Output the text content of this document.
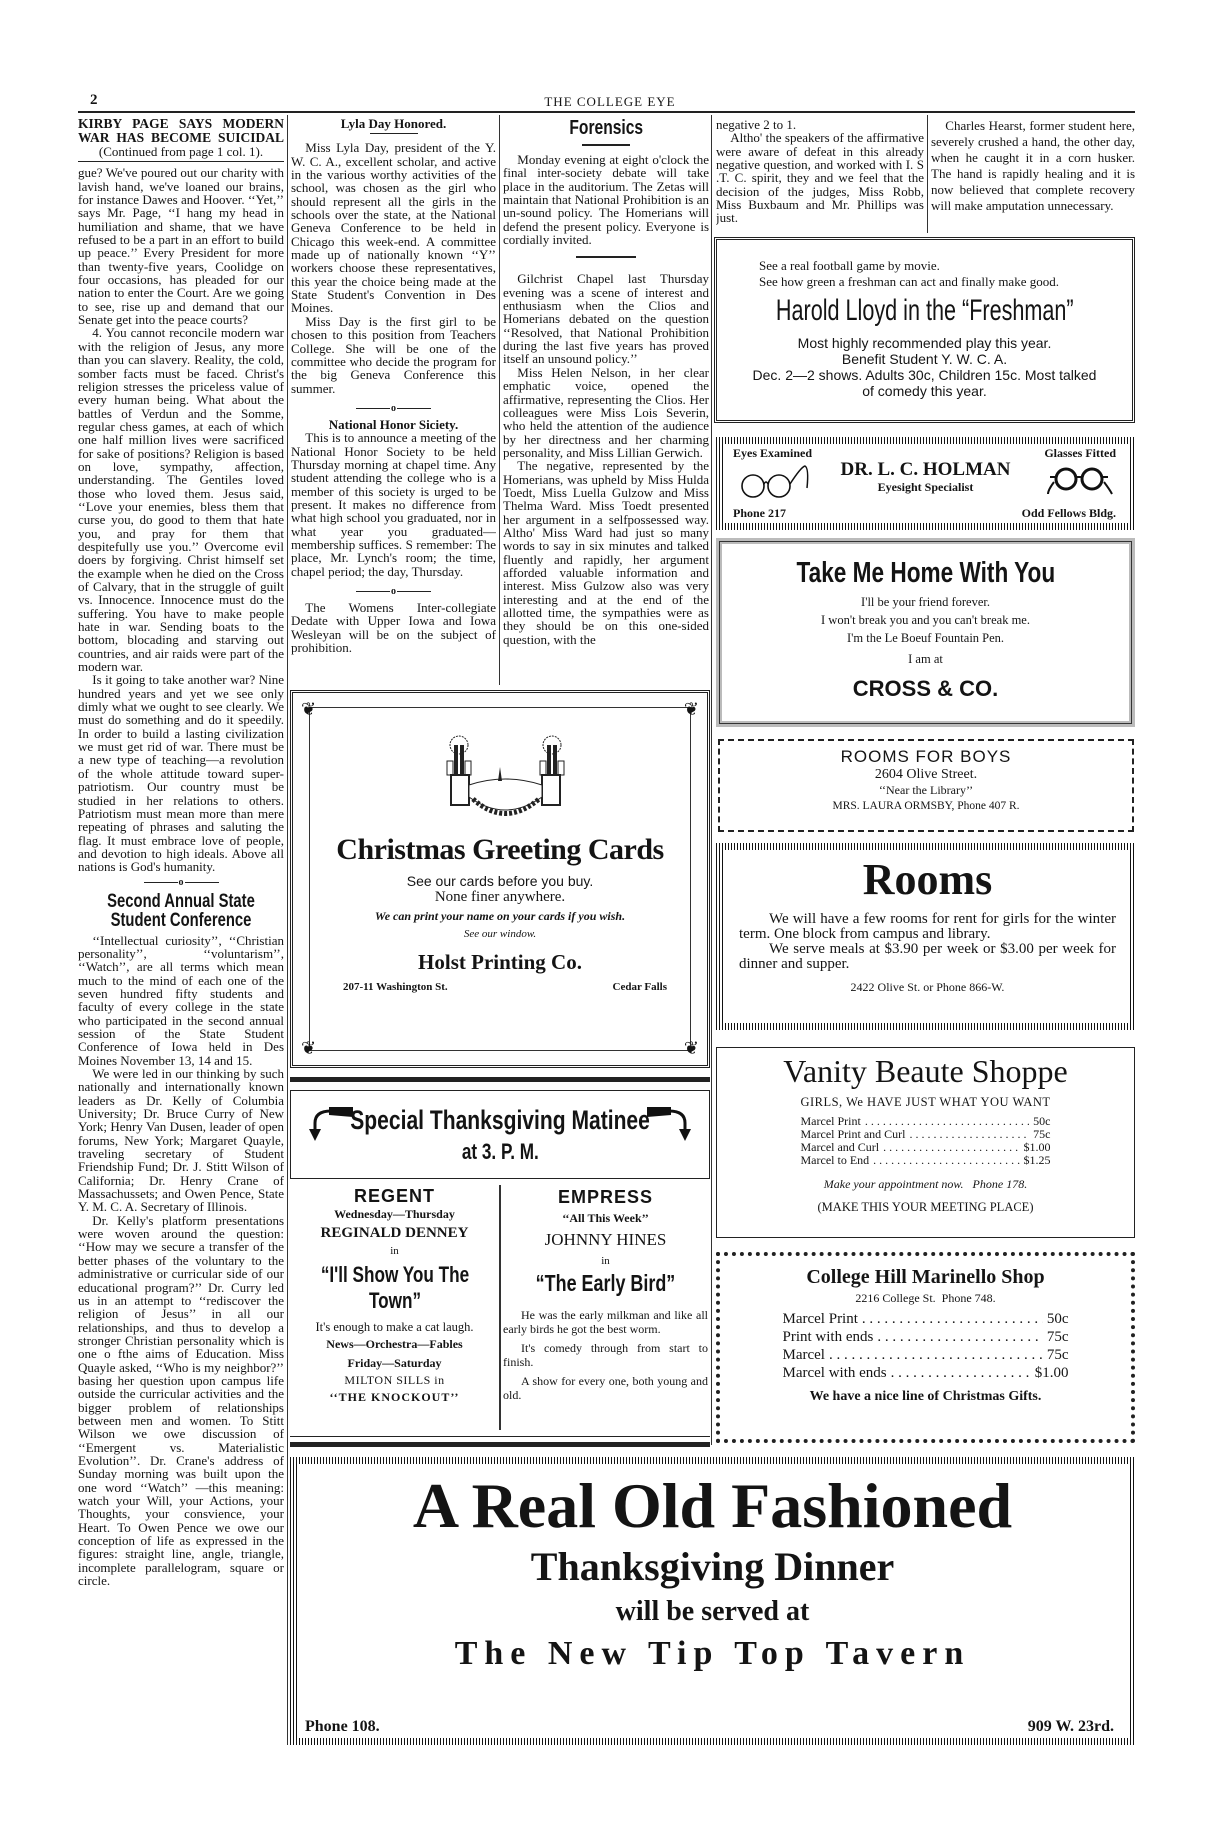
2	THE COLLEGE EYE
KIRBY PAGE SAYS MODERN WAR HAS BECOME SUICIDAL
(Continued from page 1 col. 1).

gue? We've poured out our charity with lavish hand, we've loaned our brains, for instance Dawes and Hoover. ‘‘Yet,’’ says Mr. Page, ‘‘I hang my head in humiliation and shame, that we have refused to be a part in an effort to build up peace.’’ Every President for more than twenty-five years, Coolidge on four occasions, has pleaded for our nation to enter the Court. Are we going to see, rise up and demand that our Senate get into the peace courts?

4. You cannot reconcile modern war with the religion of Jesus, any more than you can slavery. Reality, the cold, somber facts must be faced. Christ's religion stresses the priceless value of every human being. What about the battles of Verdun and the Somme, regular chess games, at each of which one half million lives were sacrificed for sake of positions? Religion is based on love, sympathy, affection, understanding. The Gentiles loved those who loved them. Jesus said, ‘‘Love your enemies, bless them that curse you, do good to them that hate you, and pray for them that despitefully use you.’’ Overcome evil doers by forgiving. Christ himself set the example when he died on the Cross of Calvary, that in the struggle of guilt vs. Innocence. Innocence must do the suffering. You have to make people hate in war. Sending boats to the bottom, blocading and starving out countries, and air raids were part of the modern war.

Is it going to take another war? Nine hundred years and yet we see only dimly what we ought to see clearly. We must do something and do it speedily. In order to build a lasting civilization we must get rid of war. There must be a new type of teaching—a revolution of the whole attitude toward super-patriotism. Our country must be studied in her relations to others. Patriotism must mean more than mere repeating of phrases and saluting the flag. It must embrace love of people, and devotion to high ideals. Above all nations is God's humanity.

o
Second Annual State Student Conference

‘‘Intellectual curiosity’’, ‘‘Christian personality’’, ‘‘voluntarism’’, ‘‘Watch’’, are all terms which mean much to the mind of each one of the seven hundred fifty students and faculty of every college in the state who participated in the second annual session of the State Student Conference of Iowa held in Des Moines November 13, 14 and 15.

We were led in our thinking by such nationally and internationally known leaders as Dr. Kelly of Columbia University; Dr. Bruce Curry of New York; Henry Van Dusen, leader of open forums, New York; Margaret Quayle, traveling secretary of Student Friendship Fund; Dr. J. Stitt Wilson of California; Dr. Henry Crane of Massachussets; and Owen Pence, State Y. M. C. A. Secretary of Illinois.

Dr. Kelly's platform presentations were woven around the question: ‘‘How may we secure a transfer of the better phases of the voluntary to the administrative or curricular side of our educational program?’’ Dr. Curry led us in an attempt to ‘‘rediscover the religion of Jesus’’ in all our relationships, and thus to develop a stronger Christian personality which is one o fthe aims of Education. Miss Quayle asked, ‘‘Who is my neighbor?’’ basing her question upon campus life outside the curricular activities and the bigger problem of relationships between men and women. To Stitt Wilson we owe discussion of ‘‘Emergent vs. Materialistic Evolution’’. Dr. Crane's address of Sunday morning was built upon the one word ‘‘Watch’’ —this meaning: watch your Will, your Actions, your Thoughts, your consvience, your Heart. To Owen Pence we owe our conception of life as expressed in the figures: straight line, angle, triangle, incomplete parallelogram, square or circle.

Lyla Day Honored.

Miss Lyla Day, president of the Y. W. C. A., excellent scholar, and active in the various worthy activities of the school, was chosen as the girl who should represent all the girls in the schools over the state, at the National Geneva Conference to be held in Chicago this week-end. A committee made up of nationally known ‘‘Y’’ workers choose these representatives, this year the choice being made at the State Student's Convention in Des Moines.

Miss Day is the first girl to be chosen to this position from Teachers College. She will be one of the committee who decide the program for the big Geneva Conference this summer.

o
National Honor Siciety.

This is to announce a meeting of the National Honor Society to be held Thursday morning at chapel time. Any student attending the college who is a member of this society is urged to be present. It makes no difference from what high school you graduated, nor in what year you graduated—membership suffices. S remember: The place, Mr. Lynch's room; the time, chapel period; the day, Thursday.

o

The Womens Inter-collegiate Dedate with Upper Iowa and Iowa Wesleyan will be on the subject of prohibition.

Forensics

Monday evening at eight o'clock the final inter-society debate will take place in the auditorium. The Zetas will maintain that National Prohibition is an un-sound policy. The Homerians will defend the present policy. Everyone is cordially invited.

Gilchrist Chapel last Thursday evening was a scene of interest and enthusiasm when the Clios and Homerians debated on the question ‘‘Resolved, that National Prohibition during the last five years has proved itself an unsound policy.’’

Miss Helen Nelson, in her clear emphatic voice, opened the affirmative, representing the Clios. Her colleagues were Miss Lois Severin, who held the attention of the audience by her directness and her charming personality, and Miss Lillian Gerwich.

The negative, represented by the Homerians, was upheld by Miss Hulda Toedt, Miss Luella Gulzow and Miss Thelma Ward. Miss Toedt presented her argument in a selfpossessed way. Altho' Miss Ward had just so many words to say in six minutes and talked fluently and rapidly, her argument afforded valuable information and interest. Miss Gulzow also was very interesting and at the end of the allotted time, the sympathies were as they should be on this one-sided question, with the

negative 2 to 1.

Altho' the speakers of the affirmative were aware of defeat in this already negative question, and worked with I. S .T. C. spirit, they and we feel that the decision of the judges, Miss Robb, Miss Buxbaum and Mr. Phillips was just.

Charles Hearst, former student here, severely crushed a hand, the other day, when he caught it in a corn husker. The hand is rapidly healing and it is now believed that complete recovery will make amputation unnecessary.

See a real football game by movie.
See how green a freshman can act and finally make good.
Harold Lloyd in the “Freshman”
Most highly recommended play this year.
Benefit Student Y. W. C. A.
Dec. 2—2 shows. Adults 30c, Children 15c. Most talked of comedy this year.
Eyes Examined	Glasses Fitted
DR. L. C. HOLMAN
Eyesight Specialist
Phone 217	Odd Fellows Bldg.
Take Me Home With You
I'll be your friend forever.
I won't break you and you can't break me.
I'm the Le Boeuf Fountain Pen.
I am at
CROSS & CO.
ROOMS FOR BOYS
2604 Olive Street.
‘‘Near the Library’’
MRS. LAURA ORMSBY, Phone 407 R.
Rooms
We will have a few rooms for rent for girls for the winter term. One block from campus and library.
We serve meals at $3.90 per week or $3.00 per week for dinner and supper.
2422 Olive St. or Phone 866-W.
Vanity Beaute Shoppe
GIRLS, We HAVE JUST WHAT YOU WANT
Marcel Print . . .	50c
Marcel Print and Curl . . .	75c
Marcel and Curl . . .	$1.00
Marcel to End . . .	$1.25
Make your appointment now. Phone 178.
(MAKE THIS YOUR MEETING PLACE)
College Hill Marinello Shop
2216 College St.  Phone 748.
Marcel Print . . .	50c
Print with ends . . .	75c
Marcel . . .	75c
Marcel with ends . . .	$1.00
We have a nice line of Christmas Gifts.
❦	❦
❦	❦
Christmas Greeting Cards
See our cards before you buy.
None finer anywhere.
We can print your name on your cards if you wish.
See our window.
Holst Printing Co.
207-11 Washington St.	Cedar Falls
Special Thanksgiving Matinee
at 3. P. M.
REGENT
Wednesday—Thursday
REGINALD DENNEY
in
“I'll Show You The Town”
It's enough to make a cat laugh.
News—Orchestra—Fables
Friday—Saturday
MILTON SILLS in
‘‘THE KNOCKOUT’’
EMPRESS
‘‘All This Week’’
JOHNNY HINES
in
“The Early Bird”
He was the early milkman and like all early birds he got the best worm.
It's comedy through from start to finish.
A show for every one, both young and old.
A Real Old Fashioned
Thanksgiving Dinner
will be served at
The New Tip Top Tavern
Phone 108.	909 W. 23rd.
